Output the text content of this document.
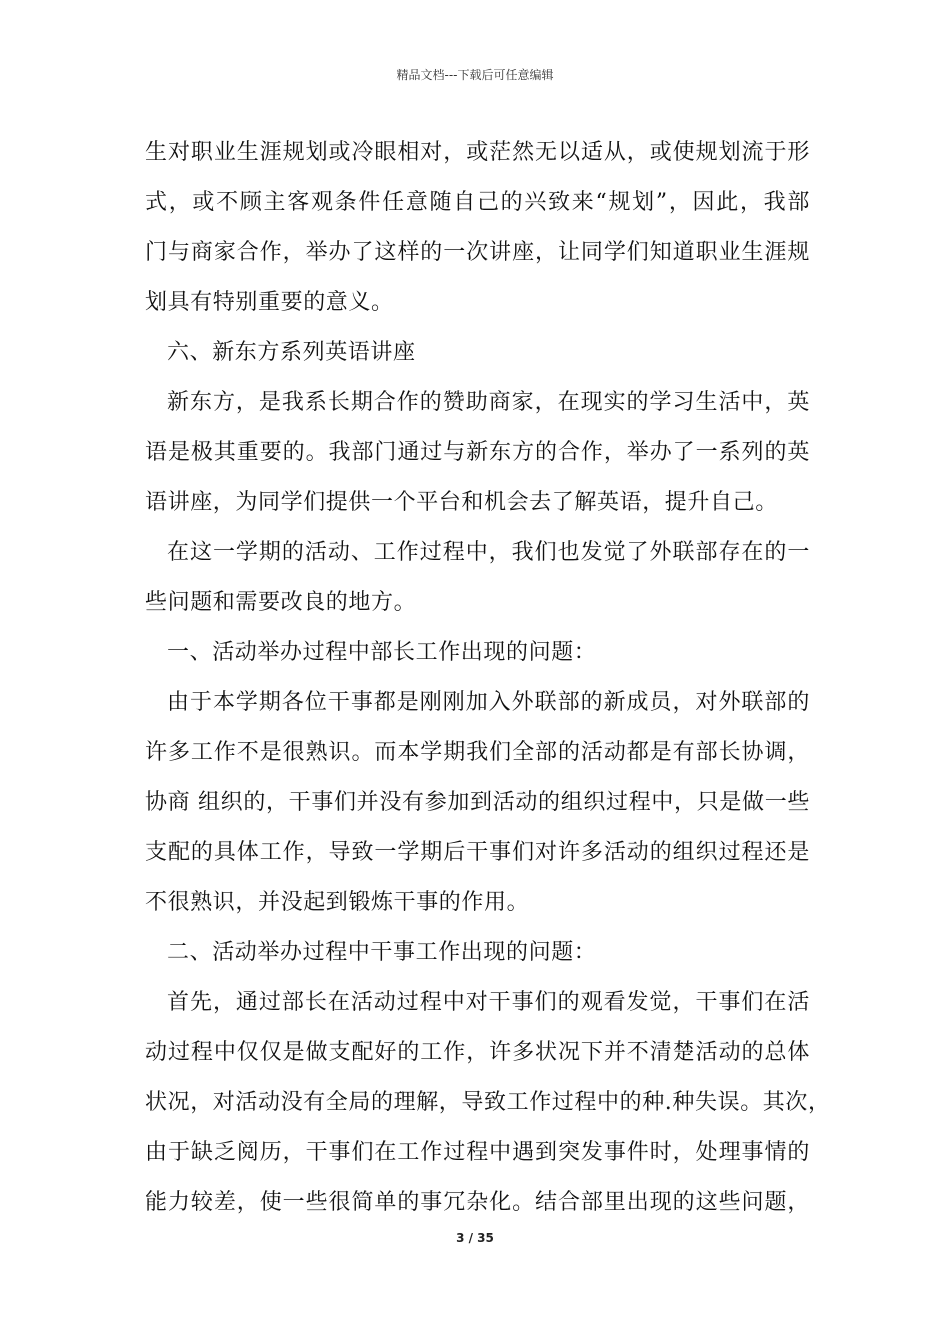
精品文档---下载后可任意编辑
生对职业生涯规划或冷眼相对，或茫然无以适从，或使规划流于形
式，或不顾主客观条件任意随自己的兴致来“规划”，因此，我部
门与商家合作，举办了这样的一次讲座，让同学们知道职业生涯规
划具有特别重要的意义。
六、新东方系列英语讲座
新东方，是我系长期合作的赞助商家，在现实的学习生活中，英
语是极其重要的。我部门通过与新东方的合作，举办了一系列的英
语讲座，为同学们提供一个平台和机会去了解英语，提升自己。
在这一学期的活动、工作过程中，我们也发觉了外联部存在的一
些问题和需要改良的地方。
一、活动举办过程中部长工作出现的问题：
由于本学期各位干事都是刚刚加入外联部的新成员，对外联部的
许多工作不是很熟识。而本学期我们全部的活动都是有部长协调，
协商 组织的，干事们并没有参加到活动的组织过程中，只是做一些
支配的具体工作，导致一学期后干事们对许多活动的组织过程还是
不很熟识，并没起到锻炼干事的作用。
二、活动举办过程中干事工作出现的问题：
首先，通过部长在活动过程中对干事们的观看发觉，干事们在活
动过程中仅仅是做支配好的工作，许多状况下并不清楚活动的总体
状况，对活动没有全局的理解，导致工作过程中的种.种失误。其次，
由于缺乏阅历，干事们在工作过程中遇到突发事件时，处理事情的
能力较差，使一些很简单的事冗杂化。结合部里出现的这些问题，
3 / 35
